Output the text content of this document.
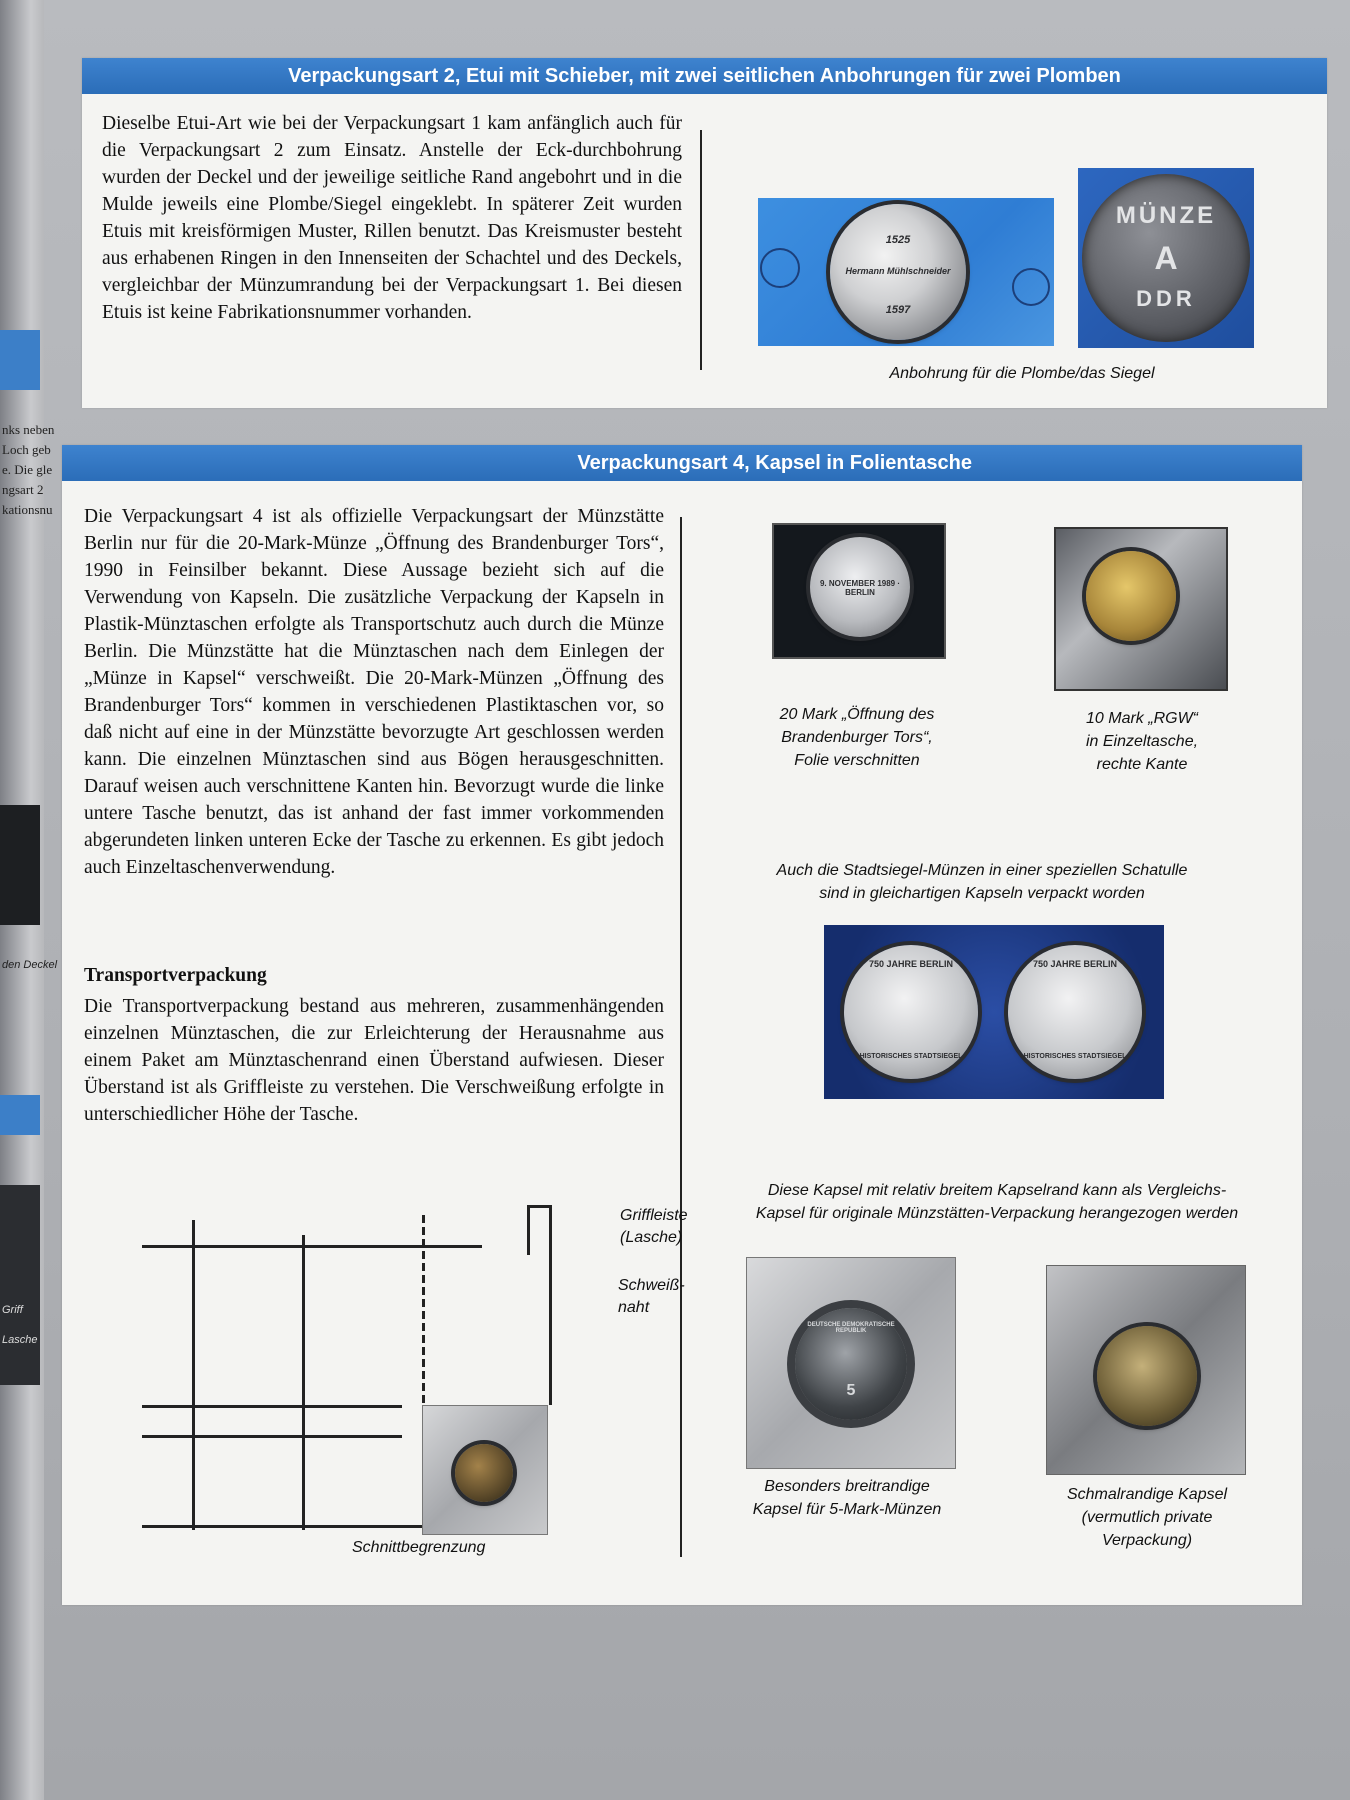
nks neben
Loch geb
e. Die gle
ngsart 2
kationsnu
den Deckel
Griff
Lasche
Verpackungsart 2, Etui mit Schieber, mit zwei seitlichen Anbohrungen für zwei Plomben

Dieselbe Etui-Art wie bei der Verpackungsart 1 kam anfänglich auch für die Verpackungsart 2 zum Einsatz. Anstelle der Eck-durchbohrung wurden der Deckel und der jeweilige seitliche Rand angebohrt und in die Mulde jeweils eine Plombe/Siegel eingeklebt. In späterer Zeit wurden Etuis mit kreisförmigen Muster, Rillen benutzt. Das Kreismuster besteht aus erhabenen Ringen in den Innenseiten der Schachtel und des Deckels, vergleichbar der Münzumrandung bei der Verpackungsart 1. Bei diesen Etuis ist keine Fabrikationsnummer vorhanden.

1525
Hermann Mühlschneider
1597
MÜNZE
A
DDR
Anbohrung für die Plombe/das Siegel
Verpackungsart 4, Kapsel in Folientasche

Die Verpackungsart 4 ist als offizielle Verpackungsart der Münzstätte Berlin nur für die 20-Mark-Münze „Öffnung des Brandenburger Tors“, 1990 in Feinsilber bekannt. Diese Aussage bezieht sich auf die Verwendung von Kapseln. Die zusätzliche Verpackung der Kapseln in Plastik-Münztaschen erfolgte als Transportschutz auch durch die Münze Berlin. Die Münzstätte hat die Münztaschen nach dem Einlegen der „Münze in Kapsel“ verschweißt. Die 20-Mark-Münzen „Öffnung des Brandenburger Tors“ kommen in verschiedenen Plastiktaschen vor, so daß nicht auf eine in der Münzstätte bevorzugte Art geschlossen werden kann. Die einzelnen Münztaschen sind aus Bögen herausgeschnitten. Darauf weisen auch verschnittene Kanten hin. Bevorzugt wurde die linke untere Tasche benutzt, das ist anhand der fast immer vorkommenden abgerundeten linken unteren Ecke der Tasche zu erkennen. Es gibt jedoch auch Einzeltaschenverwendung.

Transportverpackung

Die Transportverpackung bestand aus mehreren, zusammenhängenden einzelnen Münztaschen, die zur Erleichterung der Herausnahme aus einem Paket am Münztaschenrand einen Überstand aufwiesen. Dieser Überstand ist als Griffleiste zu verstehen. Die Verschweißung erfolgte in unterschiedlicher Höhe der Tasche.

Griffleiste
(Lasche)
Schweiß-
naht
Schnittbegrenzung
9. NOVEMBER 1989 · BERLIN
20 Mark „Öffnung des
Brandenburger Tors“,
Folie verschnitten
10 Mark „RGW“
in Einzeltasche,
rechte Kante
Auch die Stadtsiegel-Münzen in einer speziellen Schatulle
sind in gleichartigen Kapseln verpackt worden
750 JAHRE BERLIN
HISTORISCHES STADTSIEGEL
750 JAHRE BERLIN
HISTORISCHES STADTSIEGEL
Diese Kapsel mit relativ breitem Kapselrand kann als Vergleichs-
Kapsel für originale Münzstätten-Verpackung herangezogen werden
DEUTSCHE DEMOKRATISCHE REPUBLIK
5
Besonders breitrandige
Kapsel für 5-Mark-Münzen
Schmalrandige Kapsel
(vermutlich private
Verpackung)
